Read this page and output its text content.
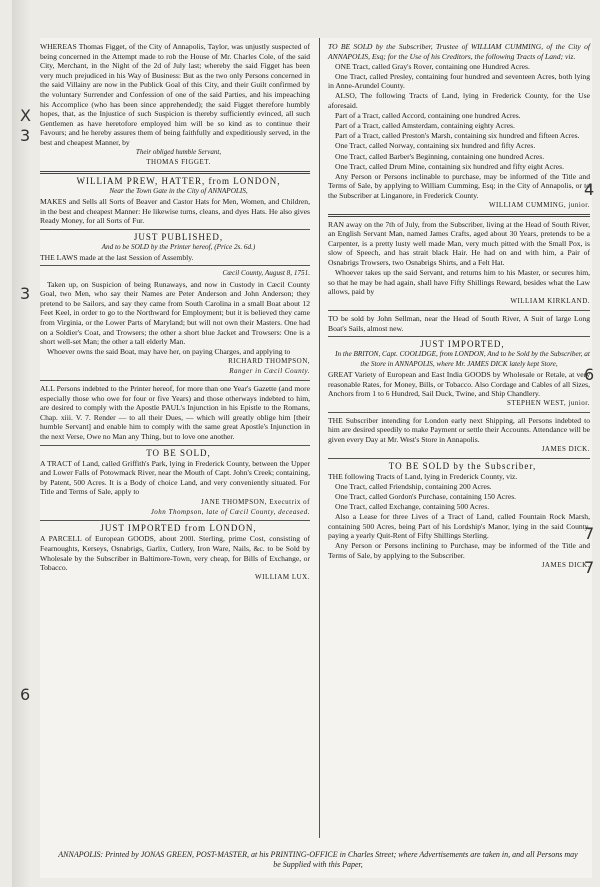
WHEREAS Thomas Figget, of the City of Annapolis, Taylor, was unjustly suspected of being concerned in the Attempt made to rob the House of Mr. Charles Cole, of the said City, Merchant, in the Night of the 2d of July last; whereby the said Figget has been very much prejudiced in his Way of Business: But as the two only Persons concerned in the said Villainy are now in the Publick Goal of this City, and their Guilt confirmed by the voluntary Surrender and Confession of one of the said Parties, and his impeaching his Accomplice (who has been since apprehended); the said Figget therefore humbly hopes, that, as the Injustice of such Suspicion is thereby sufficiently evinced, all such Gentlemen as have heretofore employed him will be so kind as to continue their Favours; and he hereby assures them of being faithfully and expeditiously served, in the best and cheapest Manner, by

Their obliged humble Servant,

THOMAS FIGGET.

WILLIAM PREW, HATTER, from LONDON,

Near the Town Gate in the City of ANNAPOLIS,

MAKES and Sells all Sorts of Beaver and Castor Hats for Men, Women, and Children, in the best and cheapest Manner: He likewise turns, cleans, and dyes Hats. He also gives Ready Money, for all Sorts of Fur.

JUST PUBLISHED,

And to be SOLD by the Printer hereof, (Price 2s. 6d.)

THE LAWS made at the last Session of Assembly.

Cæcil County, August 8, 1751.

Taken up, on Suspicion of being Runaways, and now in Custody in Cæcil County Goal, two Men, who say their Names are Peter Anderson and John Anderson; they pretend to be Sailors, and say they came from South Carolina in a small Boat about 12 Feet Keel, in order to go to the Northward for Employment; but it is believed they came from Virginia, or the Lower Parts of Maryland; but will not own their Masters. One had on a Soldier's Coat, and Trowsers; the other a short blue Jacket and Trowsers: One is a short well-set Man; the other a tall elderly Man.

Whoever owns the said Boat, may have her, on paying Charges, and applying to

RICHARD THOMPSON,

Ranger in Cæcil County.

ALL Persons indebted to the Printer hereof, for more than one Year's Gazette (and more especially those who owe for four or five Years) and those otherways indebted to him, are desired to comply with the Apostle PAUL's Injunction in his Epistle to the Romans, Chap. xiii. V. 7. Render — to all their Dues, — which will greatly oblige him [their humble Servant] and enable him to comply with the same great Apostle's Injunction in the next Verse, Owe no Man any Thing, but to love one another.

TO BE SOLD,

A TRACT of Land, called Griffith's Park, lying in Frederick County, between the Upper and Lower Falls of Potowmack River, near the Mouth of Capt. John's Creek; containing, by Patent, 500 Acres. It is a Body of choice Land, and very conveniently situated. For Title and Terms of Sale, apply to

JANE THOMPSON, Executrix of

John Thompson, late of Cæcil County, deceased.

JUST IMPORTED from LONDON,

A PARCELL of European GOODS, about 200l. Sterling, prime Cost, consisting of Fearnoughts, Kerseys, Osnabrigs, Garlix, Cutlery, Iron Ware, Nails, &c. to be Sold by Wholesale by the Subscriber in Baltimore-Town, very cheap, for Bills of Exchange, or Tobacco.

WILLIAM LUX.

TO BE SOLD by the Subscriber, Trustee of WILLIAM CUMMING, of the City of ANNAPOLIS, Esq; for the Use of his Creditors, the following Tracts of Land; viz.

ONE Tract, called Gray's Rover, containing one Hundred Acres.

One Tract, called Presley, containing four hundred and seventeen Acres, both lying in Anne-Arundel County.

ALSO, The following Tracts of Land, lying in Frederick County, for the Use aforesaid.

Part of a Tract, called Accord, containing one hundred Acres.

Part of a Tract, called Amsterdam, containing eighty Acres.

Part of a Tract, called Preston's Marsh, containing six hundred and fifteen Acres.

One Tract, called Norway, containing six hundred and fifty Acres.

One Tract, called Barber's Beginning, containing one hundred Acres.

One Tract, called Drum Mine, containing six hundred and fifty eight Acres.

Any Person or Persons inclinable to purchase, may be informed of the Title and Terms of Sale, by applying to William Cumming, Esq; in the City of Annapolis, or to the Subscriber at Linganore, in Frederick County.

WILLIAM CUMMING, junior.

RAN away on the 7th of July, from the Subscriber, living at the Head of South River, an English Servant Man, named James Crafts, aged about 30 Years, pretends to be a Carpenter, is a pretty lusty well made Man, very much pitted with the Small Pox, is slow of Speech, and has strait black Hair. He had on and with him, a Pair of Osnabrigs Trowsers, two Osnabrigs Shirts, and a Felt Hat.

Whoever takes up the said Servant, and returns him to his Master, or secures him, so that he may be had again, shall have Fifty Shillings Reward, besides what the Law allows, paid by

WILLIAM KIRKLAND.

TO be sold by John Sellman, near the Head of South River, A Suit of large Long Boat's Sails, almost new.

JUST IMPORTED,

In the BRITON, Capt. COOLIDGE, from LONDON, And to be Sold by the Subscriber, at the Store in ANNAPOLIS, where Mr. JAMES DICK lately kept Store,

GREAT Variety of European and East India GOODS by Wholesale or Retale, at very reasonable Rates, for Money, Bills, or Tobacco. Also Cordage and Cables of all Sizes, Anchors from 1 to 6 Hundred, Sail Duck, Twine, and Ship Chandlery.

STEPHEN WEST, junior.

THE Subscriber intending for London early next Shipping, all Persons indebted to him are desired speedily to make Payment or settle their Accounts. Attendance will be given every Day at Mr. West's Store in Annapolis.

JAMES DICK.

TO BE SOLD by the Subscriber,

THE following Tracts of Land, lying in Frederick County, viz.

One Tract, called Friendship, containing 200 Acres.

One Tract, called Gordon's Purchase, containing 150 Acres.

One Tract, called Exchange, containing 500 Acres.

Also a Lease for three Lives of a Tract of Land, called Fountain Rock Marsh, containing 500 Acres, being Part of his Lordship's Manor, lying in the said County, paying a yearly Quit-Rent of Fifty Shillings Sterling.

Any Person or Persons inclining to Purchase, may be informed of the Title and Terms of Sale, by applying to the Subscriber.

JAMES DICK.

ANNAPOLIS: Printed by JONAS GREEN, POST-MASTER, at his PRINTING-OFFICE in Charles Street; where Advertisements are taken in, and all Persons may be Supplied with this Paper,
X
3
3
6
4
6
7
7
